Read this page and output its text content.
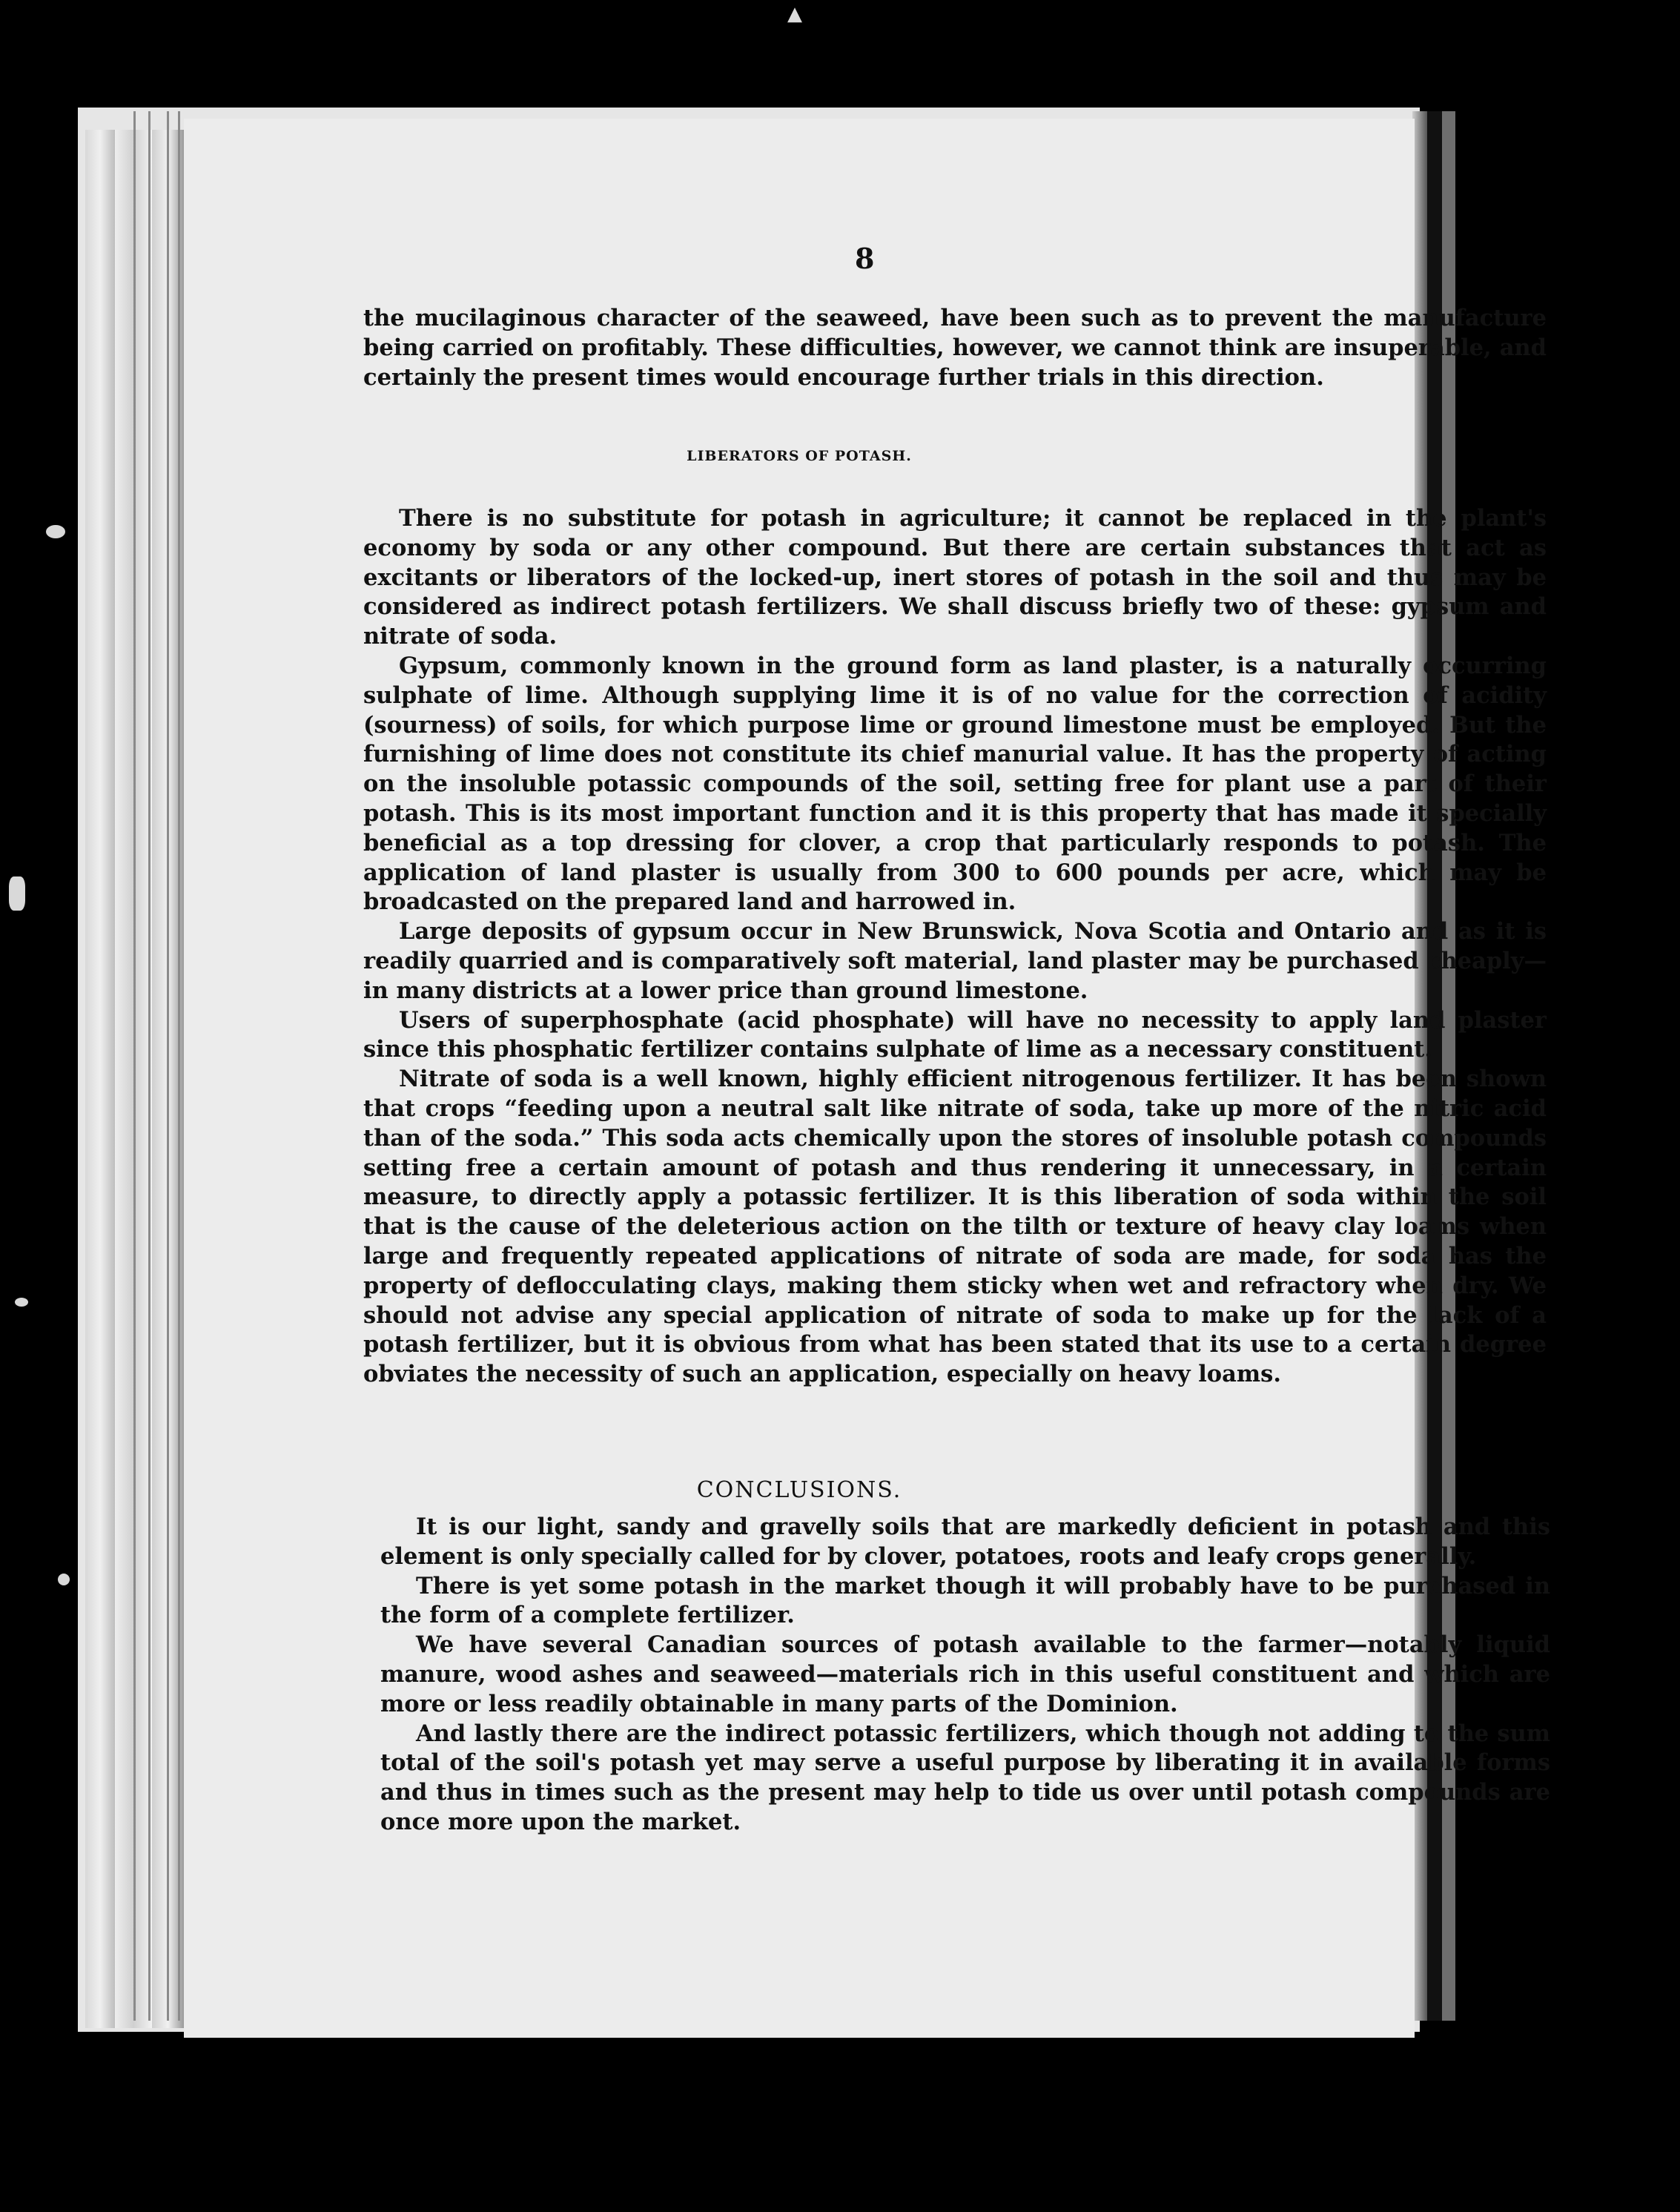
▲
8

the mucilaginous character of the seaweed, have been such as to prevent the manufacture being carried on profitably. These difficulties, however, we cannot think are insuperable, and certainly the present times would encourage further trials in this direction.

LIBERATORS OF POTASH.

There is no substitute for potash in agriculture; it cannot be replaced in the plant's economy by soda or any other compound. But there are certain substances that act as excitants or liberators of the locked-up, inert stores of potash in the soil and thus may be considered as indirect potash fertilizers. We shall discuss briefly two of these: gypsum and nitrate of soda.

Gypsum, commonly known in the ground form as land plaster, is a naturally occurring sulphate of lime. Although supplying lime it is of no value for the correction of acidity (sourness) of soils, for which purpose lime or ground limestone must be employed. But the furnishing of lime does not constitute its chief manurial value. It has the property of acting on the insoluble potassic compounds of the soil, setting free for plant use a part of their potash. This is its most important function and it is this property that has made it specially beneficial as a top dressing for clover, a crop that particularly responds to potash. The application of land plaster is usually from 300 to 600 pounds per acre, which may be broadcasted on the prepared land and harrowed in.

Large deposits of gypsum occur in New Brunswick, Nova Scotia and Ontario and as it is readily quarried and is comparatively soft material, land plaster may be purchased cheaply—in many districts at a lower price than ground limestone.

Users of superphosphate (acid phosphate) will have no necessity to apply land plaster since this phosphatic fertilizer contains sulphate of lime as a necessary constituent.

Nitrate of soda is a well known, highly efficient nitrogenous fertilizer. It has been shown that crops “feeding upon a neutral salt like nitrate of soda, take up more of the nitric acid than of the soda.” This soda acts chemically upon the stores of insoluble potash compounds setting free a certain amount of potash and thus rendering it unnecessary, in a certain measure, to directly apply a potassic fertilizer. It is this liberation of soda within the soil that is the cause of the deleterious action on the tilth or texture of heavy clay loams when large and frequently repeated applications of nitrate of soda are made, for soda has the property of deflocculating clays, making them sticky when wet and refractory when dry. We should not advise any special application of nitrate of soda to make up for the lack of a potash fertilizer, but it is obvious from what has been stated that its use to a certain degree obviates the necessity of such an application, especially on heavy loams.

CONCLUSIONS.

It is our light, sandy and gravelly soils that are markedly deficient in potash and this element is only specially called for by clover, potatoes, roots and leafy crops generally.

There is yet some potash in the market though it will probably have to be purchased in the form of a complete fertilizer.

We have several Canadian sources of potash available to the farmer—notably liquid manure, wood ashes and seaweed—materials rich in this useful constituent and which are more or less readily obtainable in many parts of the Dominion.

And lastly there are the indirect potassic fertilizers, which though not adding to the sum total of the soil's potash yet may serve a useful purpose by liberating it in available forms and thus in times such as the present may help to tide us over until potash compounds are once more upon the market.
